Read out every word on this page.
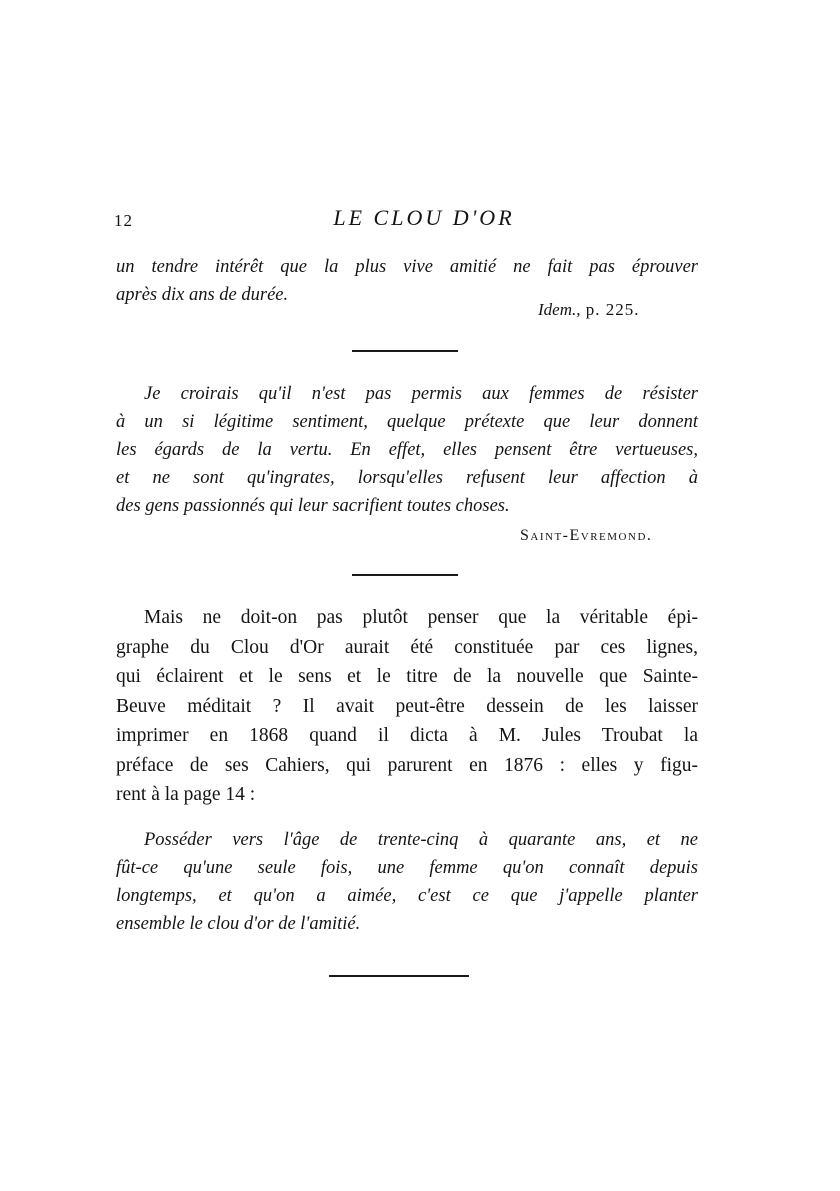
12	LE CLOU D'OR
un tendre intérêt que la plus vive amitié ne fait pas éprouver
après dix ans de durée.
Idem., p. 225.
Je croirais qu'il n'est pas permis aux femmes de résister
à un si légitime sentiment, quelque prétexte que leur donnent
les égards de la vertu. En effet, elles pensent être vertueuses,
et ne sont qu'ingrates, lorsqu'elles refusent leur affection à
des gens passionnés qui leur sacrifient toutes choses.
Saint-Evremond.
Mais ne doit-on pas plutôt penser que la véritable épi-
graphe du Clou d'Or aurait été constituée par ces lignes,
qui éclairent et le sens et le titre de la nouvelle que Sainte-
Beuve méditait ? Il avait peut-être dessein de les laisser
imprimer en 1868 quand il dicta à M. Jules Troubat la
préface de ses Cahiers, qui parurent en 1876 : elles y figu-
rent à la page 14 :
Posséder vers l'âge de trente-cinq à quarante ans, et ne
fût-ce qu'une seule fois, une femme qu'on connaît depuis
longtemps, et qu'on a aimée, c'est ce que j'appelle planter
ensemble le clou d'or de l'amitié.
